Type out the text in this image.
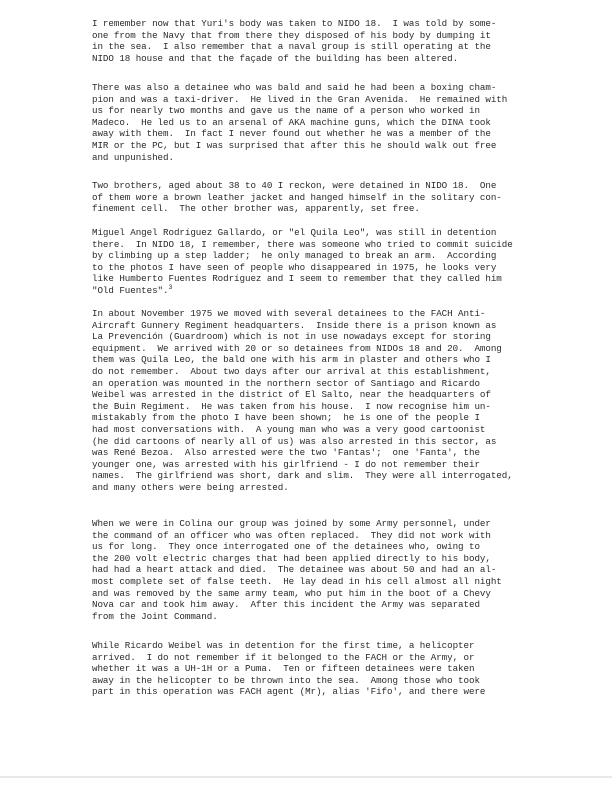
I remember now that Yuri's body was taken to NIDO 18.  I was told by some-
one from the Navy that from there they disposed of his body by dumping it
in the sea.  I also remember that a naval group is still operating at the
NIDO 18 house and that the façade of the building has been altered.
There was also a detainee who was bald and said he had been a boxing cham-
pion and was a taxi-driver.  He lived in the Gran Avenida.  He remained with
us for nearly two months and gave us the name of a person who worked in
Madeco.  He led us to an arsenal of AKA machine guns, which the DINA took
away with them.  In fact I never found out whether he was a member of the
MIR or the PC, but I was surprised that after this he should walk out free
and unpunished.
Two brothers, aged about 38 to 40 I reckon, were detained in NIDO 18.  One
of them wore a brown leather jacket and hanged himself in the solitary con-
finement cell.  The other brother was, apparently, set free.
Miguel Angel Rodríguez Gallardo, or "el Quila Leo", was still in detention
there.  In NIDO 18, I remember, there was someone who tried to commit suicide
by climbing up a step ladder;  he only managed to break an arm.  According
to the photos I have seen of people who disappeared in 1975, he looks very
like Humberto Fuentes Rodríguez and I seem to remember that they called him
"Old Fuentes".$^3$
In about November 1975 we moved with several detainees to the FACH Anti-
Aircraft Gunnery Regiment headquarters.  Inside there is a prison known as
La Prevención (Guardroom) which is not in use nowadays except for storing
equipment.  We arrived with 20 or so detainees from NIDOs 18 and 20.  Among
them was Quila Leo, the bald one with his arm in plaster and others who I
do not remember.  About two days after our arrival at this establishment,
an operation was mounted in the northern sector of Santiago and Ricardo
Weibel was arrested in the district of El Salto, near the headquarters of
the Buin Regiment.  He was taken from his house.  I now recognise him un-
mistakably from the photo I have been shown;  he is one of the people I
had most conversations with.  A young man who was a very good cartoonist
(he did cartoons of nearly all of us) was also arrested in this sector, as
was René Bezoa.  Also arrested were the two 'Fantas';  one 'Fanta', the
younger one, was arrested with his girlfriend - I do not remember their
names.  The girlfriend was short, dark and slim.  They were all interrogated,
and many others were being arrested.
When we were in Colina our group was joined by some Army personnel, under
the command of an officer who was often replaced.  They did not work with
us for long.  They once interrogated one of the detainees who, owing to
the 200 volt electric charges that had been applied directly to his body,
had had a heart attack and died.  The detainee was about 50 and had an al-
most complete set of false teeth.  He lay dead in his cell almost all night
and was removed by the same army team, who put him in the boot of a Chevy
Nova car and took him away.  After this incident the Army was separated
from the Joint Command.
While Ricardo Weibel was in detention for the first time, a helicopter
arrived.  I do not remember if it belonged to the FACH or the Army, or
whether it was a UH-1H or a Puma.  Ten or fifteen detainees were taken
away in the helicopter to be thrown into the sea.  Among those who took
part in this operation was FACH agent (Mr), alias 'Fifo', and there were
